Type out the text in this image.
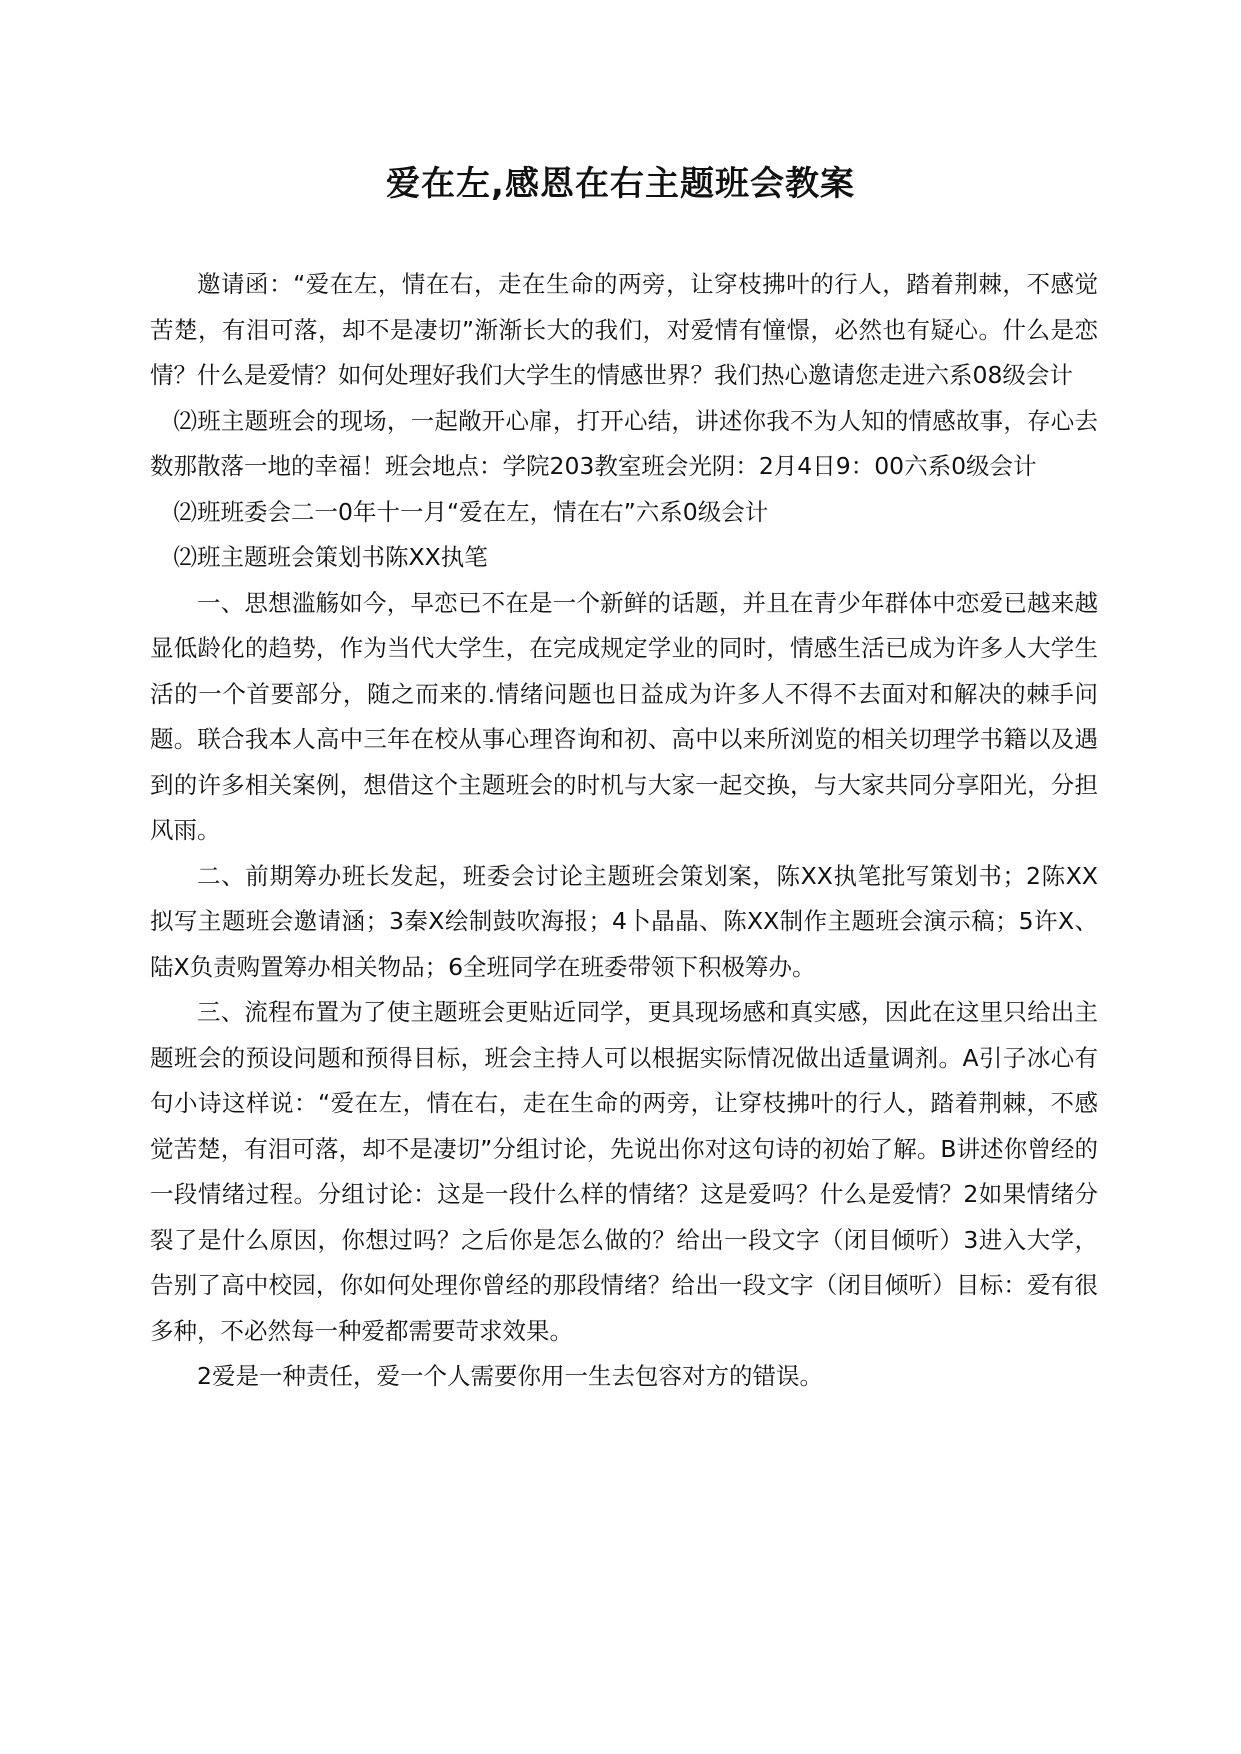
爱在左,感恩在右主题班会教案

邀请函：“爱在左，情在右，走在生命的两旁，让穿枝拂叶的行人，踏着荆棘，不感觉苦楚，有泪可落，却不是凄切”渐渐长大的我们，对爱情有憧憬，必然也有疑心。什么是恋情？什么是爱情？如何处理好我们大学生的情感世界？我们热心邀请您走进六系08级会计

⑵班主题班会的现场，一起敞开心扉，打开心结，讲述你我不为人知的情感故事，存心去数那散落一地的幸福！班会地点：学院203教室班会光阴：2月4日9：00六系0级会计

⑵班班委会二一0年十一月“爱在左，情在右”六系0级会计

⑵班主题班会策划书陈XX执笔

一、思想滥觞如今，早恋已不在是一个新鲜的话题，并且在青少年群体中恋爱已越来越显低龄化的趋势，作为当代大学生，在完成规定学业的同时，情感生活已成为许多人大学生活的一个首要部分，随之而来的.情绪问题也日益成为许多人不得不去面对和解决的棘手问题。联合我本人高中三年在校从事心理咨询和初、高中以来所浏览的相关切理学书籍以及遇到的许多相关案例，想借这个主题班会的时机与大家一起交换，与大家共同分享阳光，分担风雨。

二、前期筹办班长发起，班委会讨论主题班会策划案，陈XX执笔批写策划书；2陈XX拟写主题班会邀请涵；3秦X绘制鼓吹海报；4卜晶晶、陈XX制作主题班会演示稿；5许X、陆X负责购置筹办相关物品；6全班同学在班委带领下积极筹办。

三、流程布置为了使主题班会更贴近同学，更具现场感和真实感，因此在这里只给出主题班会的预设问题和预得目标，班会主持人可以根据实际情况做出适量调剂。A引子冰心有句小诗这样说：“爱在左，情在右，走在生命的两旁，让穿枝拂叶的行人，踏着荆棘，不感觉苦楚，有泪可落，却不是凄切”分组讨论，先说出你对这句诗的初始了解。B讲述你曾经的一段情绪过程。分组讨论：这是一段什么样的情绪？这是爱吗？什么是爱情？2如果情绪分裂了是什么原因，你想过吗？之后你是怎么做的？给出一段文字（闭目倾听）3进入大学，告别了高中校园，你如何处理你曾经的那段情绪？给出一段文字（闭目倾听）目标：爱有很多种，不必然每一种爱都需要苛求效果。

2爱是一种责任，爱一个人需要你用一生去包容对方的错误。
